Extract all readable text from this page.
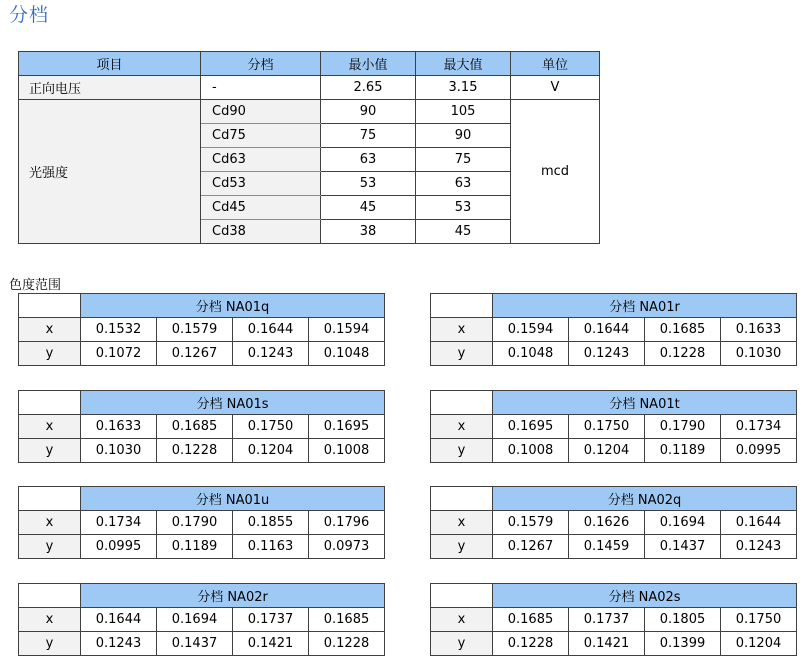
分档
项目	分档	最小值	最大值	单位
正向电压	-	2.65	3.15	V
光强度	Cd90	90	105	mcd
	Cd75	75	90	
	Cd63	63	75	
	Cd53	53	63	
	Cd45	45	53	
	Cd38	38	45	
色度范围
	分档 NA01q			
x	0.1532	0.1579	0.1644	0.1594
y	0.1072	0.1267	0.1243	0.1048
	分档 NA01r			
x	0.1594	0.1644	0.1685	0.1633
y	0.1048	0.1243	0.1228	0.1030
	分档 NA01s			
x	0.1633	0.1685	0.1750	0.1695
y	0.1030	0.1228	0.1204	0.1008
	分档 NA01t			
x	0.1695	0.1750	0.1790	0.1734
y	0.1008	0.1204	0.1189	0.0995
	分档 NA01u			
x	0.1734	0.1790	0.1855	0.1796
y	0.0995	0.1189	0.1163	0.0973
	分档 NA02q			
x	0.1579	0.1626	0.1694	0.1644
y	0.1267	0.1459	0.1437	0.1243
	分档 NA02r			
x	0.1644	0.1694	0.1737	0.1685
y	0.1243	0.1437	0.1421	0.1228
	分档 NA02s			
x	0.1685	0.1737	0.1805	0.1750
y	0.1228	0.1421	0.1399	0.1204
